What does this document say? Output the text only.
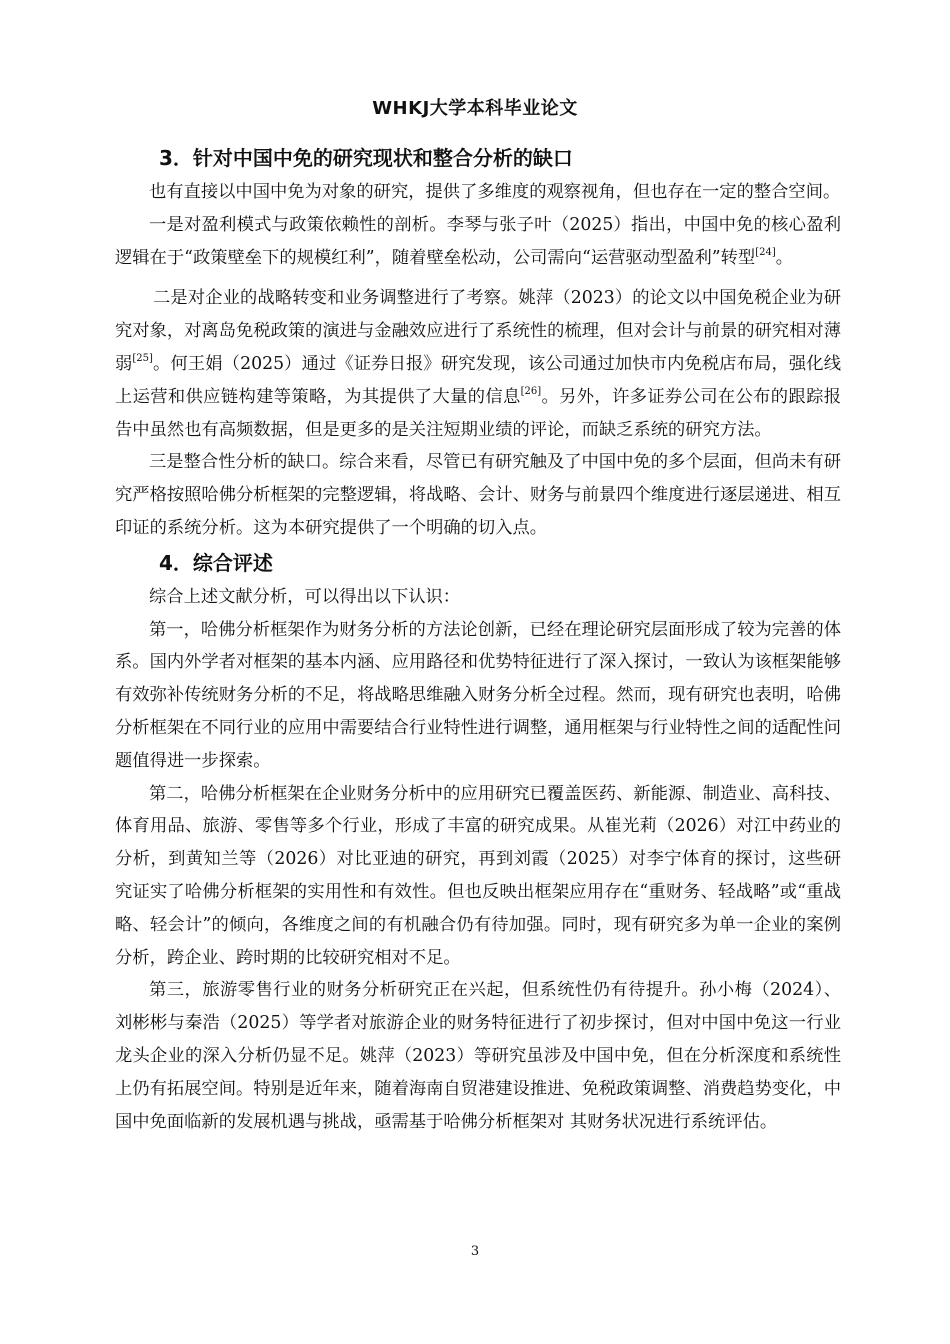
WHKJ大学本科毕业论文
3．针对中国中免的研究现状和整合分析的缺口

也有直接以中国中免为对象的研究，提供了多维度的观察视角，但也存在一定的整合空间。

一是对盈利模式与政策依赖性的剖析。李琴与张子叶（2025）指出，中国中免的核心盈利逻辑在于“政策壁垒下的规模红利”，随着壁垒松动，公司需向“运营驱动型盈利”转型[24]。

二是对企业的战略转变和业务调整进行了考察。姚萍（2023）的论文以中国免税企业为研究对象，对离岛免税政策的演进与金融效应进行了系统性的梳理，但对会计与前景的研究相对薄弱[25]。何王娟（2025）通过《证券日报》研究发现，该公司通过加快市内免税店布局，强化线上运营和供应链构建等策略，为其提供了大量的信息[26]。另外，许多证券公司在公布的跟踪报告中虽然也有高频数据，但是更多的是关注短期业绩的评论，而缺乏系统的研究方法。

三是整合性分析的缺口。综合来看，尽管已有研究触及了中国中免的多个层面，但尚未有研究严格按照哈佛分析框架的完整逻辑，将战略、会计、财务与前景四个维度进行逐层递进、相互印证的系统分析。这为本研究提供了一个明确的切入点。

4．综合评述

综合上述文献分析，可以得出以下认识：

第一，哈佛分析框架作为财务分析的方法论创新，已经在理论研究层面形成了较为完善的体系。国内外学者对框架的基本内涵、应用路径和优势特征进行了深入探讨，一致认为该框架能够有效弥补传统财务分析的不足，将战略思维融入财务分析全过程。然而，现有研究也表明，哈佛分析框架在不同行业的应用中需要结合行业特性进行调整，通用框架与行业特性之间的适配性问题值得进一步探索。

第二，哈佛分析框架在企业财务分析中的应用研究已覆盖医药、新能源、制造业、高科技、体育用品、旅游、零售等多个行业，形成了丰富的研究成果。从崔光莉（2026）对江中药业的分析，到黄知兰等（2026）对比亚迪的研究，再到刘霞（2025）对李宁体育的探讨，这些研究证实了哈佛分析框架的实用性和有效性。但也反映出框架应用存在“重财务、轻战略”或“重战略、轻会计”的倾向，各维度之间的有机融合仍有待加强。同时，现有研究多为单一企业的案例分析，跨企业、跨时期的比较研究相对不足。

第三，旅游零售行业的财务分析研究正在兴起，但系统性仍有待提升。孙小梅（2024）、刘彬彬与秦浩（2025）等学者对旅游企业的财务特征进行了初步探讨，但对中国中免这一行业龙头企业的深入分析仍显不足。姚萍（2023）等研究虽涉及中国中免，但在分析深度和系统性上仍有拓展空间。特别是近年来，随着海南自贸港建设推进、免税政策调整、消费趋势变化，中国中免面临新的发展机遇与挑战，亟需基于哈佛分析框架对 其财务状况进行系统评估。

3
